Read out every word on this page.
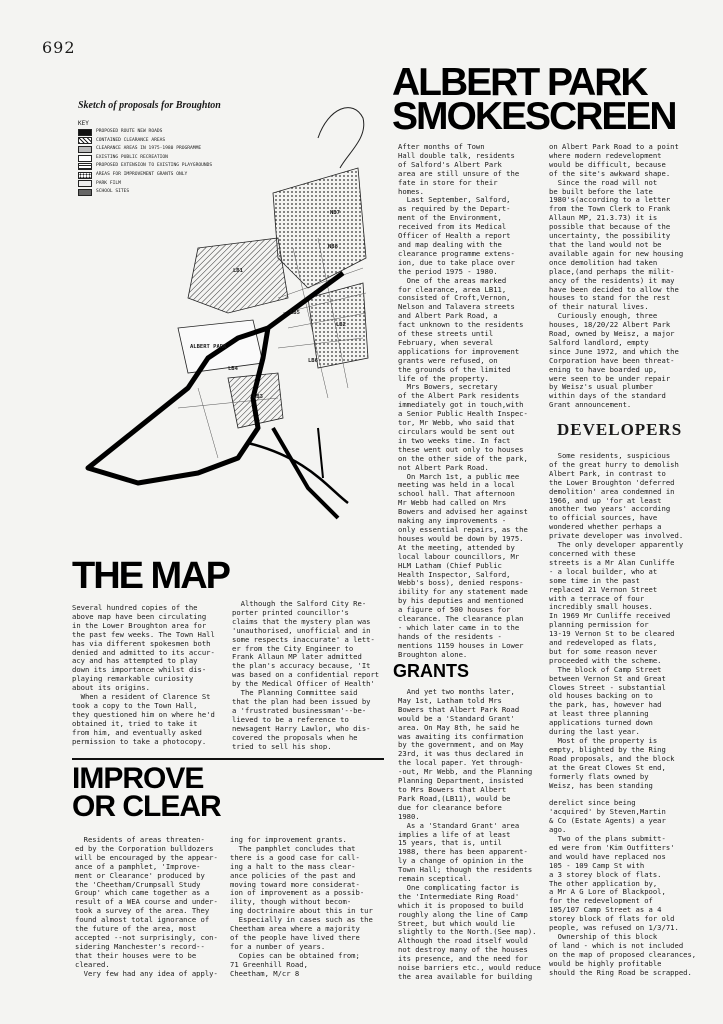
692
Sketch of proposals for Broughton
KEY
PROPOSED ROUTE NEW ROADS
CONTAINED CLEARANCE AREAS
CLEARANCE AREAS IN 1975-1980 PROGRAMME
EXISTING PUBLIC RECREATION
PROPOSED EXTENSION TO EXISTING PLAYGROUNDS
AREAS FOR IMPROVEMENT GRANTS ONLY
PARK FILM
SCHOOL SITES
ALBERT PARK
NB7
NB8
LB1
LB2
LB3
LB4
LB5
LB6
ALBERT PARK
SMOKESCREEN
After months of Town
Hall double talk, residents
of Salford's Albert Park
area are still unsure of the
fate in store for their
homes.
Last September, Salford,
as required by the Depart-
ment of the Environment,
received from its Medical
Officer of Health a report
and map dealing with the
clearance programme extens-
ion, due to take place over
the period 1975 - 1980.
One of the areas marked
for clearance, area LB11,
consisted of Croft,Vernon,
Nelson and Talavera streets
and Albert Park Road, a
fact unknown to the residents
of these streets until
February, when several
applications for improvement
grants were refused, on
the grounds of the limited
life of the property.
Mrs Bowers, secretary
of the Albert Park residents
immediately got in touch,with
a Senior Public Health Inspec-
tor, Mr Webb, who said that
circulars would be sent out
in two weeks time. In fact
these went out only to houses
on the other side of the park,
not Albert Park Road.
On March 1st, a public mee
meeting was held in a local
school hall. That afternoon
Mr Webb had called on Mrs
Bowers and advised her against
making any improvements -
only essential repairs, as the
houses would be down by 1975.
At the meeting, attended by
local labour councillors, Mr
HLM Latham (Chief Public
Health Inspector, Salford,
Webb's boss), denied respons-
ibility for any statement made
by his deputies and mentioned
a figure of 500 houses for
clearance. The clearance plan
- which later came in to the
hands of the residents -
mentions 1159 houses in Lower
Broughton alone.
on Albert Park Road to a point
where modern redevelopment
would be difficult, because
of the site's awkward shape.
Since the road will not
be built before the late
1980's(according to a letter
from the Town Clerk to Frank
Allaun MP, 21.3.73) it is
possible that because of the
uncertainty, the possibility
that the land would not be
available again for new housing
once demolition had taken
place,(and perhaps the milit-
ancy of the residents) it may
have been decided to allow the
houses to stand for the rest
of their natural lives.
Curiously enough, three
houses, 18/20/22 Albert Park
Road, owned by Weisz, a major
Salford landlord, empty
since June 1972, and which the
Corporation have been threat-
ening to have boarded up,
were seen to be under repair
by Weisz's usual plumber
within days of the standard
Grant announcement.
DEVELOPERS
Some residents, suspicious
of the great hurry to demolish
Albert Park, in contrast to
the Lower Broughton 'deferred
demolition' area condemned in
1966, and up 'for at least
another two years' according
to official sources, have
wondered whether perhaps a
private developer was involved.
The only developer apparently
concerned with these
streets is a Mr Alan Cunliffe
- a local builder, who at
some time in the past
replaced 21 Vernon Street
with a terrace of four
incredibly small houses.
In 1969 Mr Cunliffe received
planning permission for
13-19 Vernon St to be cleared
and redeveloped as flats,
but for some reason never
proceeded with the scheme.
The block of Camp Street
between Vernon St and Great
Clowes Street - substantial
old houses backing on to
the park, has, however had
at least three planning
applications turned down
during the last year.
Most of the property is
empty, blighted by the Ring
Road proposals, and the block
at the Great Clowes St end,
formerly flats owned by
Weisz, has been standing

derelict since being
'acquired' by Steven,Martin
& Co (Estate Agents) a year
ago.
Two of the plans submitt-
ed were from 'Kim Outfitters'
and would have replaced nos
105 - 109 Camp St with
a 3 storey block of flats.
The other application by,
a Mr A G Lore of Blackpool,
for the redevelopment of
105/107 Camp Street as a 4
storey block of flats for old
people, was refused on 1/3/71.
Ownership of this block
of land - which is not included
on the map of proposed clearances,
would be highly profitable
should the Ring Road be scrapped.
GRANTS
And yet two months later,
May 1st, Latham told Mrs
Bowers that Albert Park Road
would be a 'Standard Grant'
area. On May 8th, he said he
was awaiting its confirmation
by the government, and on May
23rd, it was thus declared in
the local paper. Yet through-
-out, Mr Webb, and the Planning
Planning Department, insisted
to Mrs Bowers that Albert
Park Road,(LB11), would be
due for clearance before
1980.
As a 'Standard Grant' area
implies a life of at least
15 years, that is, until
1988, there has been apparent-
ly a change of opinion in the
Town Hall; though the residents
remain sceptical.
One complicating factor is
the 'Intermediate Ring Road'
which it is proposed to build
roughly along the line of Camp
Street, but which would lie
slightly to the North.(See map).
Although the road itself would
not destroy many of the houses
its presence, and the need for
noise barriers etc., would reduce
the area available for building
THE MAP
Several hundred copies of the
above map have been circulating
in the Lower Broughton area for
the past few weeks. The Town Hall
has via different spokesmen both
denied and admitted to its accur-
acy and has attempted to play
down its importance whilst dis-
playing remarkable curiosity
about its origins.
When a resident of Clarence St
took a copy to the Town Hall,
they questioned him on where he'd
obtained it, tried to take it
from him, and eventually asked
permission to take a photocopy.
Although the Salford City Re-
porter printed councillor's
claims that the mystery plan was
'unauthorised, unofficial and in
some respects inaccurate' a lett-
er from the City Engineer to
Frank Allaun MP later admitted
the plan's accuracy because, 'It
was based on a confidential report
by the Medical Officer of Health'
The Planning Committee said
that the plan had been issued by
a 'frustrated businessman'--be-
lieved to be a reference to
newsagent Harry Lawlor, who dis-
covered the proposals when he
tried to sell his shop.
IMPROVE
OR CLEAR
Residents of areas threaten-
ed by the Corporation bulldozers
will be encouraged by the appear-
ance of a pamphlet, 'Improve-
ment or Clearance' produced by
the 'Cheetham/Crumpsall Study
Group' which came together as a
result of a WEA course and under-
took a survey of the area. They
found almost total ignorance of
the future of the area, most
accepted --not surprisingly, con-
sidering Manchester's record--
that their houses were to be
cleared.
Very few had any idea of apply-
ing for improvement grants.
The pamphlet concludes that
there is a good case for call-
ing a halt to the mass clear-
ance policies of the past and
moving toward more considerat-
ion of improvement as a possib-
ility, though without becom-
ing doctrinaire about this in tur
Especially in cases such as the
Cheetham area where a majority
of the people have lived there
for a number of years.
Copies can be obtained from;
71 Greenhill Road,
Cheetham, M/cr 8
